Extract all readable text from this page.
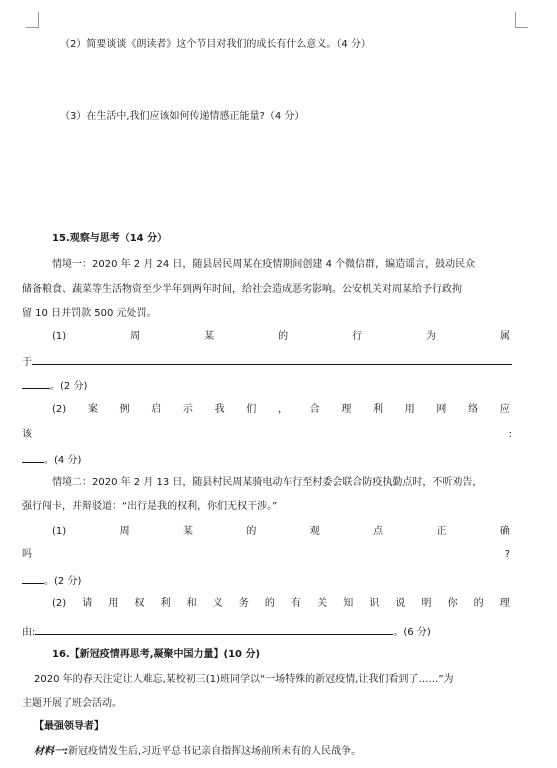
（2）简要谈谈《朗读者》这个节目对我们的成长有什么意义。（4 分）
（3）在生活中,我们应该如何传递情感正能量?（4 分）
15.观察与思考（14 分）
情境一：2020 年 2 月 24 日，随县居民周某在疫情期间创建 4 个微信群，编造谣言，鼓动民众
储备粮食、蔬菜等生活物资至少半年到两年时间，给社会造成恶劣影响。公安机关对周某给予行政拘
留 10 日并罚款 500 元处罚。
(1)	周	某	的	行	为	属
于
。(2 分)
(2) 案 例 启 示 我 们 ， 合 理 利 用 网 络 应
该	:
。(4 分)
情境二：2020 年 2 月 13 日，随县村民周某骑电动车行至村委会联合防疫执勤点时，不听劝告，
强行闯卡，并辩驳道：“出行是我的权利，你们无权干涉。”
(1)	周	某	的	观	点	正	确
吗	?
。(2 分)
(2) 请 用 权 利 和 义 务 的 有 关 知 识 说 明 你 的 理
由:	。(6 分)
16.【新冠疫情再思考,凝聚中国力量】(10 分)
2020 年的春天注定让人难忘,某校初三(1)班同学以“一场特殊的新冠疫情,让我们看到了……”为
主题开展了班会活动。
【最强领导者】
材料一:新冠疫情发生后,习近平总书记亲自指挥这场前所未有的人民战争。
